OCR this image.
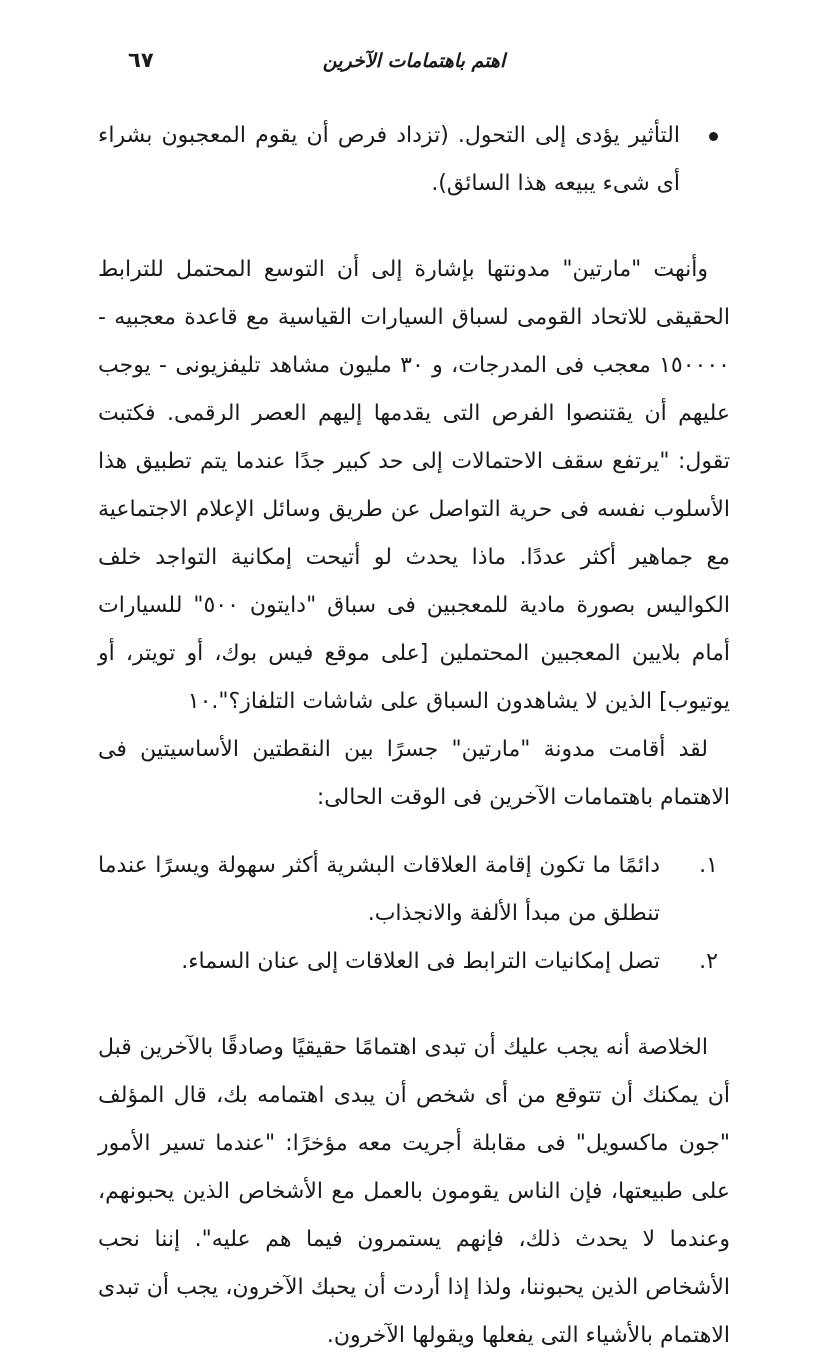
٦٧	اهتم باهتمامات الآخرين
التأثير يؤدى إلى التحول. (تزداد فرص أن يقوم المعجبون بشراء أى شىء يبيعه هذا السائق).

وأنهت "مارتين" مدونتها بإشارة إلى أن التوسع المحتمل للترابط الحقيقى للاتحاد القومى لسباق السيارات القياسية مع قاعدة معجبيه - ١٥٠٠٠٠ معجب فى المدرجات، و ٣٠ مليون مشاهد تليفزيونى - يوجب عليهم أن يقتنصوا الفرص التى يقدمها إليهم العصر الرقمى. فكتبت تقول: "يرتفع سقف الاحتمالات إلى حد كبير جدًا عندما يتم تطبيق هذا الأسلوب نفسه فى حرية التواصل عن طريق وسائل الإعلام الاجتماعية مع جماهير أكثر عددًا. ماذا يحدث لو أتيحت إمكانية التواجد خلف الكواليس بصورة مادية للمعجبين فى سباق "دايتون ٥٠٠" للسيارات أمام بلايين المعجبين المحتملين [على موقع فيس بوك، أو تويتر، أو يوتيوب] الذين لا يشاهدون السباق على شاشات التلفاز؟".١٠

لقد أقامت مدونة "مارتين" جسرًا بين النقطتين الأساسيتين فى الاهتمام باهتمامات الآخرين فى الوقت الحالى:

١.
دائمًا ما تكون إقامة العلاقات البشرية أكثر سهولة ويسرًا عندما تنطلق من مبدأ الألفة والانجذاب.
٢.
تصل إمكانيات الترابط فى العلاقات إلى عنان السماء.

الخلاصة أنه يجب عليك أن تبدى اهتمامًا حقيقيًا وصادقًا بالآخرين قبل أن يمكنك أن تتوقع من أى شخص أن يبدى اهتمامه بك، قال المؤلف "جون ماكسويل" فى مقابلة أجريت معه مؤخرًا: "عندما تسير الأمور على طبيعتها، فإن الناس يقومون بالعمل مع الأشخاص الذين يحبونهم، وعندما لا يحدث ذلك، فإنهم يستمرون فيما هم عليه". إننا نحب الأشخاص الذين يحبوننا، ولذا إذا أردت أن يحبك الآخرون، يجب أن تبدى الاهتمام بالأشياء التى يفعلها ويقولها الآخرون.
